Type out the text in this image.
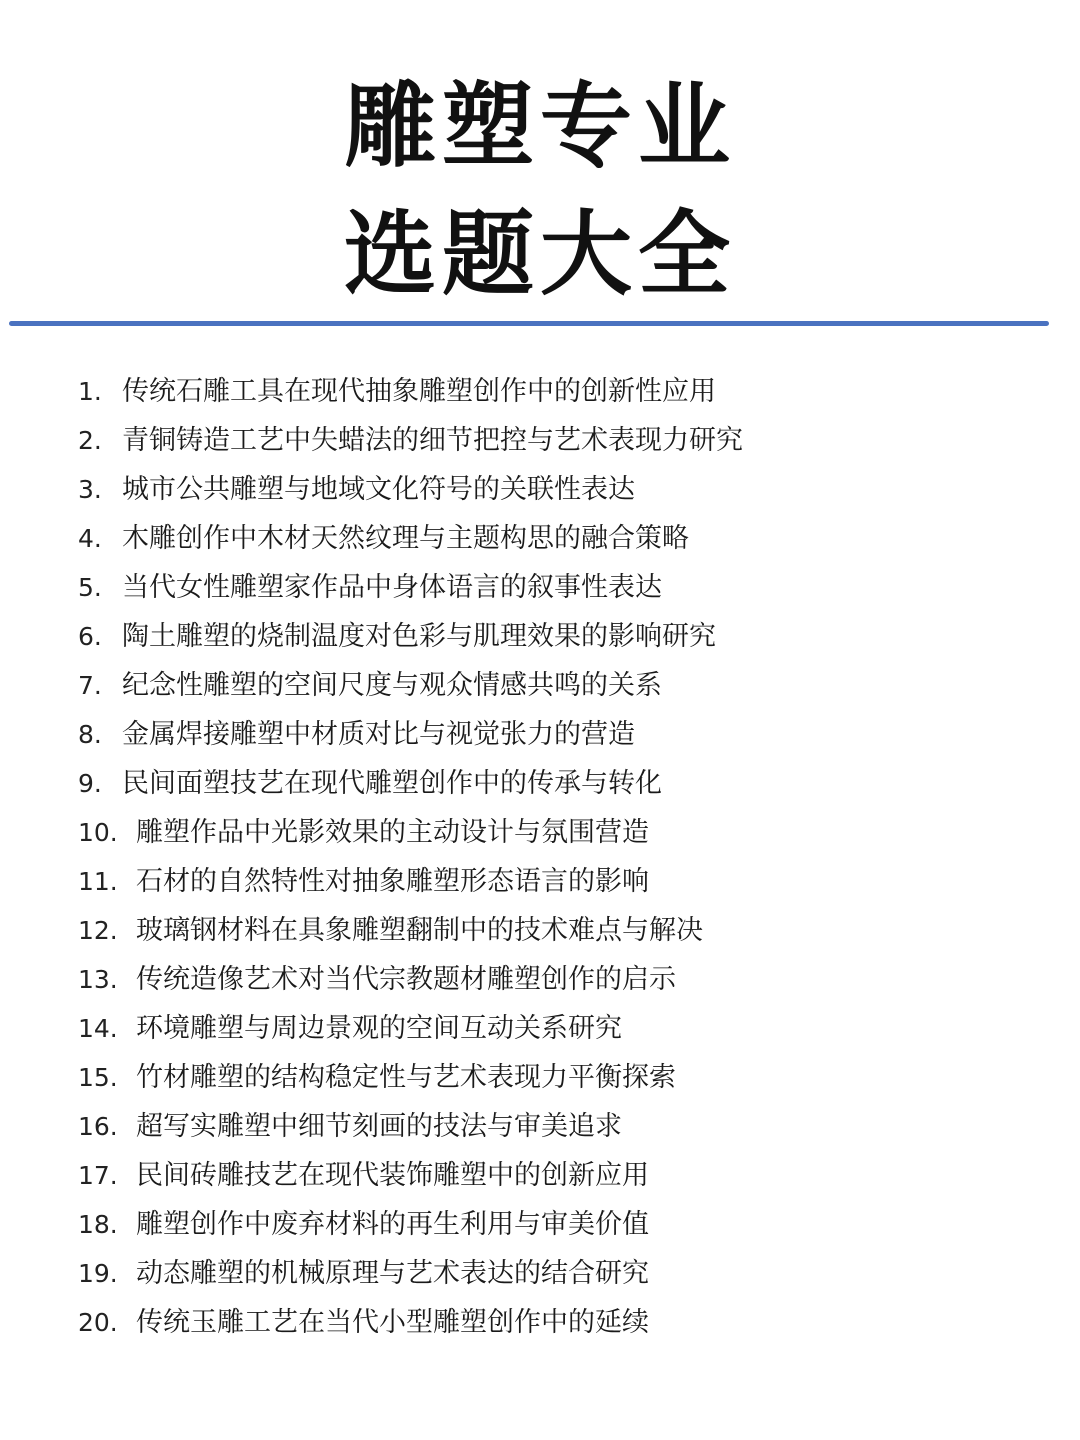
雕塑专业
选题大全
1. 传统石雕工具在现代抽象雕塑创作中的创新性应用
2. 青铜铸造工艺中失蜡法的细节把控与艺术表现力研究
3. 城市公共雕塑与地域文化符号的关联性表达
4. 木雕创作中木材天然纹理与主题构思的融合策略
5. 当代女性雕塑家作品中身体语言的叙事性表达
6. 陶土雕塑的烧制温度对色彩与肌理效果的影响研究
7. 纪念性雕塑的空间尺度与观众情感共鸣的关系
8. 金属焊接雕塑中材质对比与视觉张力的营造
9. 民间面塑技艺在现代雕塑创作中的传承与转化
10. 雕塑作品中光影效果的主动设计与氛围营造
11. 石材的自然特性对抽象雕塑形态语言的影响
12. 玻璃钢材料在具象雕塑翻制中的技术难点与解决
13. 传统造像艺术对当代宗教题材雕塑创作的启示
14. 环境雕塑与周边景观的空间互动关系研究
15. 竹材雕塑的结构稳定性与艺术表现力平衡探索
16. 超写实雕塑中细节刻画的技法与审美追求
17. 民间砖雕技艺在现代装饰雕塑中的创新应用
18. 雕塑创作中废弃材料的再生利用与审美价值
19. 动态雕塑的机械原理与艺术表达的结合研究
20. 传统玉雕工艺在当代小型雕塑创作中的延续
